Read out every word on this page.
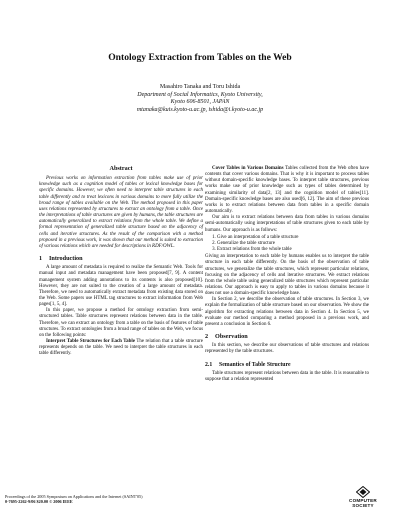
Ontology Extraction from Tables on the Web
Masahiro Tanaka and Toru Ishida
Department of Social Informatics, Kyoto University,
Kyoto 606-8501, JAPAN
mtanaka@kuis.kyoto-u.ac.jp, ishida@i.kyoto-u.ac.jp
Abstract

Previous works on information extraction from tables make use of prior knowledge such as a cognition model of tables or lexical knowledge bases for specific domains. However, we often need to interpret table structures in each table differently and to treat lexicons in various domains to more fully utilize the broad range of tables available on the Web. The method proposed in this paper uses relations represented by structures to extract an ontology from a table. Once the interpretations of table structures are given by humans, the table structures are automatically generalized to extract relations from the whole table. We define a formal representation of generalized table structure based on the adjacency of cells and iterative structures. As the result of the comparison with a method proposed in a previous work, it was shown that our method is suited to extraction of various relations which are needed for descriptions in RDF/OWL.

1 Introduction

A large amount of metadata is required to realize the Semantic Web. Tools for manual input and metadata management have been proposed[7, 9]. A content management system adding annotations to its contents is also proposed[10]. However, they are not suited to the creation of a large amount of metadata. Therefore, we need to automatically extract metadata from existing data stored on the Web. Some papers use HTML tag structures to extract information from Web pages[1, 5, 4].

In this paper, we propose a method for ontology extraction from semi-structured tables. Table structures represent relations between data in the table. Therefore, we can extract an ontology from a table on the basis of features of table structures. To extract ontologies from a broad range of tables on the Web, we focus on the following points:

Interpret Table Structures for Each Table The relation that a table structure represents depends on the table. We need to interpret the table structures in each table differently.

Cover Tables in Various Domains Tables collected from the Web often have contents that cover various domains. That is why it is important to process tables without domain-specific knowledge bases. To interpret table structures, previous works make use of prior knowledge such as types of tables determined by examining similarity of data[2, 13] and the cognition model of tables[11]. Domain-specific knowledge bases are also used[6, 12]. The aim of these previous works is to extract relations between data from tables in a specific domain automatically.

Our aim is to extract relations between data from tables in various domains semi-automatically using interpretations of table structures given to each table by humans. Our approach is as follows:

1. Give an interpretation of a table structure
2. Generalize the table structure
3. Extract relations from the whole table

Giving an interpretation to each table by humans enables us to interpret the table structure in each table differently. On the basis of the observation of table structures, we generalize the table structures, which represent particular relations, focusing on the adjacency of cells and iterative structures. We extract relations from the whole table using generalized table structures which represent particular relations. Our approach is easy to apply to tables in various domains because it does not use a domain-specific knowledge base.

In Section 2, we describe the observation of table structures. In Section 3, we explain the formalization of table structure based on our observation. We show the algorithm for extracting relations between data in Section 4. In Section 5, we evaluate our method comparing a method proposed in a previous work, and present a conclusion in Section 6.

2 Observation

In this section, we describe our observations of table structures and relations represented by the table structures.

2.1 Semantics of Table Structure

Table structures represent relations between data in the table. It is reasonable to suppose that a relation represented

Proceedings of the 2005 Symposium on Applications and the Internet (SAINT'05)
0-7695-2262-9/06 $20.00 © 2006 IEEE	COMPUTER
SOCIETY
